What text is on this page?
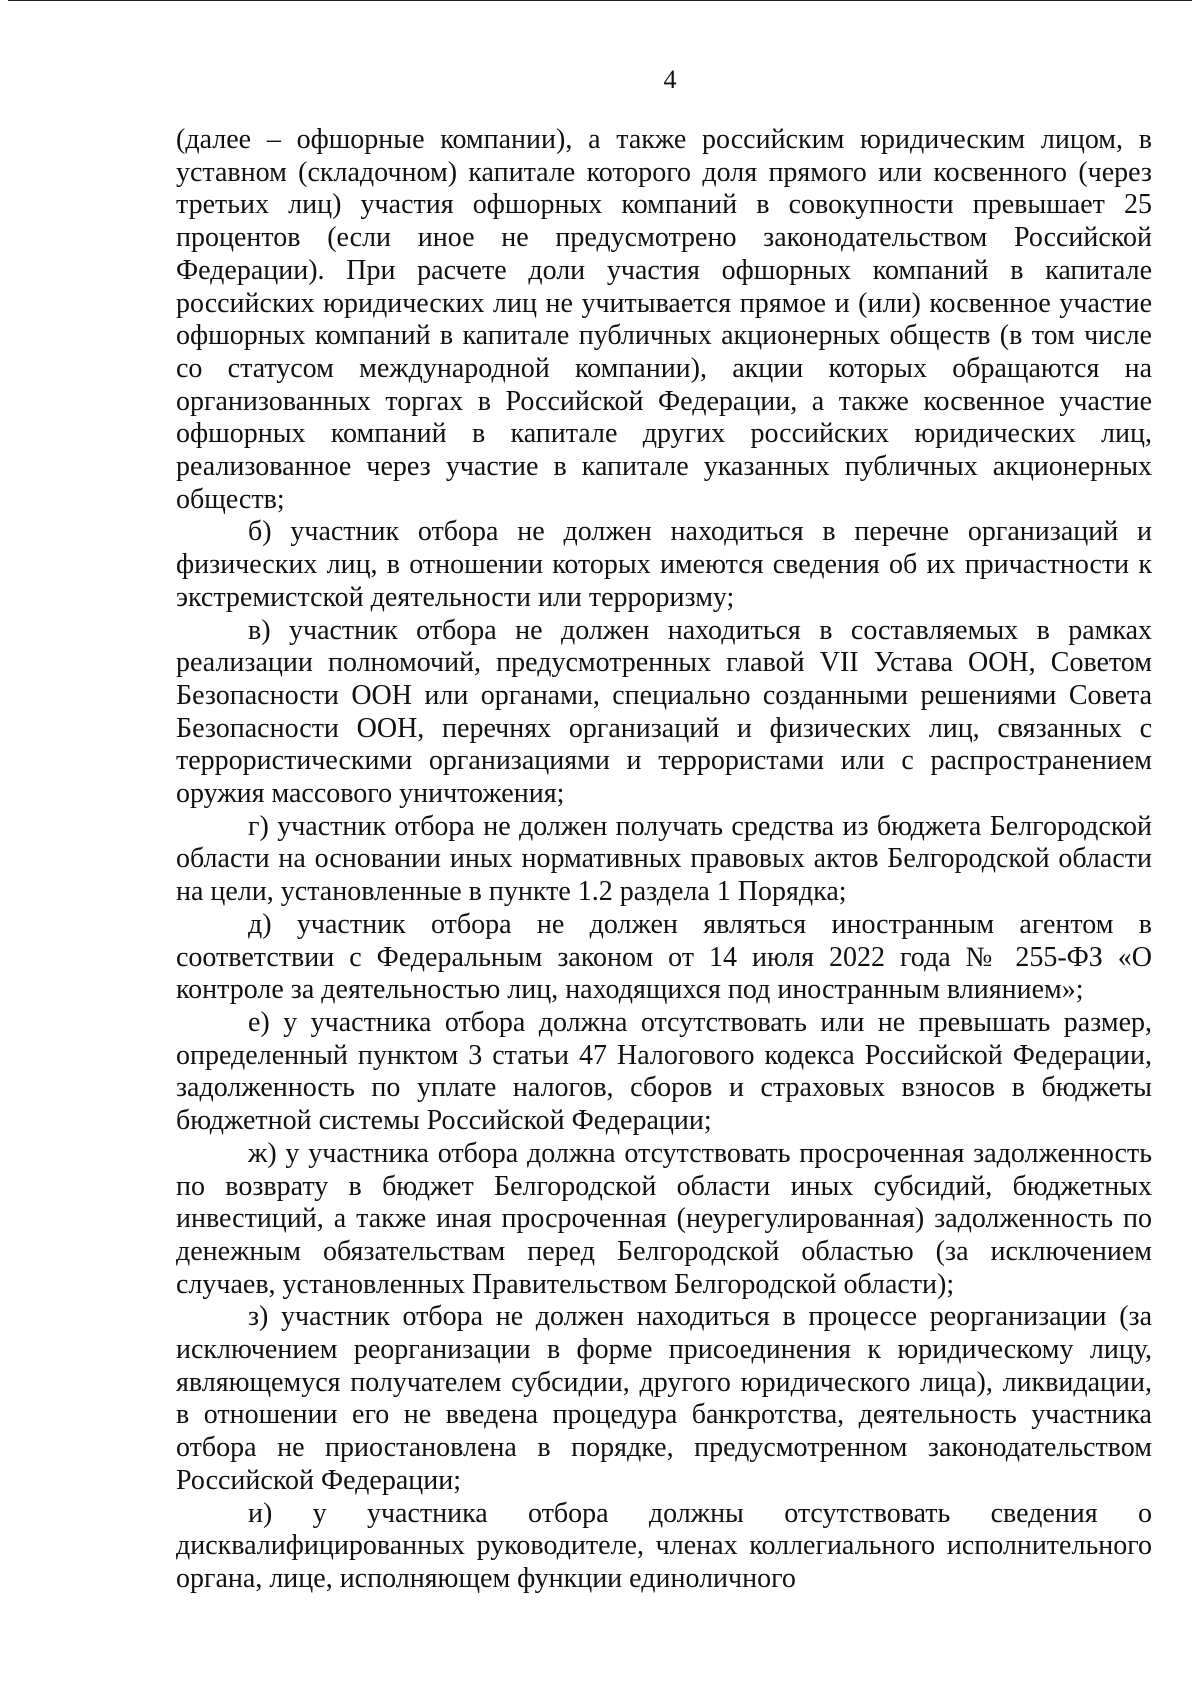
4

(далее – офшорные компании), а также российским юридическим лицом, в уставном (складочном) капитале которого доля прямого или косвенного (через третьих лиц) участия офшорных компаний в совокупности превышает 25 процентов (если иное не предусмотрено законодательством Российской Федерации). При расчете доли участия офшорных компаний в капитале российских юридических лиц не учитывается прямое и (или) косвенное участие офшорных компаний в капитале публичных акционерных обществ (в том числе со статусом международной компании), акции которых обращаются на организованных торгах в Российской Федерации, а также косвенное участие офшорных компаний в капитале других российских юридических лиц, реализованное через участие в капитале указанных публичных акционерных обществ;

б) участник отбора не должен находиться в перечне организаций и физических лиц, в отношении которых имеются сведения об их причастности к экстремистской деятельности или терроризму;

в) участник отбора не должен находиться в составляемых в рамках реализации полномочий, предусмотренных главой VII Устава ООН, Советом Безопасности ООН или органами, специально созданными решениями Совета Безопасности ООН, перечнях организаций и физических лиц, связанных с террористическими организациями и террористами или с распространением оружия массового уничтожения;

г) участник отбора не должен получать средства из бюджета Белгородской области на основании иных нормативных правовых актов Белгородской области на цели, установленные в пункте 1.2 раздела 1 Порядка;

д) участник отбора не должен являться иностранным агентом в соответствии с Федеральным законом от 14 июля 2022 года № 255-ФЗ «О контроле за деятельностью лиц, находящихся под иностранным влиянием»;

е) у участника отбора должна отсутствовать или не превышать размер, определенный пунктом 3 статьи 47 Налогового кодекса Российской Федерации, задолженность по уплате налогов, сборов и страховых взносов в бюджеты бюджетной системы Российской Федерации;

ж) у участника отбора должна отсутствовать просроченная задолженность по возврату в бюджет Белгородской области иных субсидий, бюджетных инвестиций, а также иная просроченная (неурегулированная) задолженность по денежным обязательствам перед Белгородской областью (за исключением случаев, установленных Правительством Белгородской области);

з) участник отбора не должен находиться в процессе реорганизации (за исключением реорганизации в форме присоединения к юридическому лицу, являющемуся получателем субсидии, другого юридического лица), ликвидации, в отношении его не введена процедура банкротства, деятельность участника отбора не приостановлена в порядке, предусмотренном законодательством Российской Федерации;

и) у участника отбора должны отсутствовать сведения о дисквалифицированных руководителе, членах коллегиального исполнительного органа, лице, исполняющем функции единоличного
